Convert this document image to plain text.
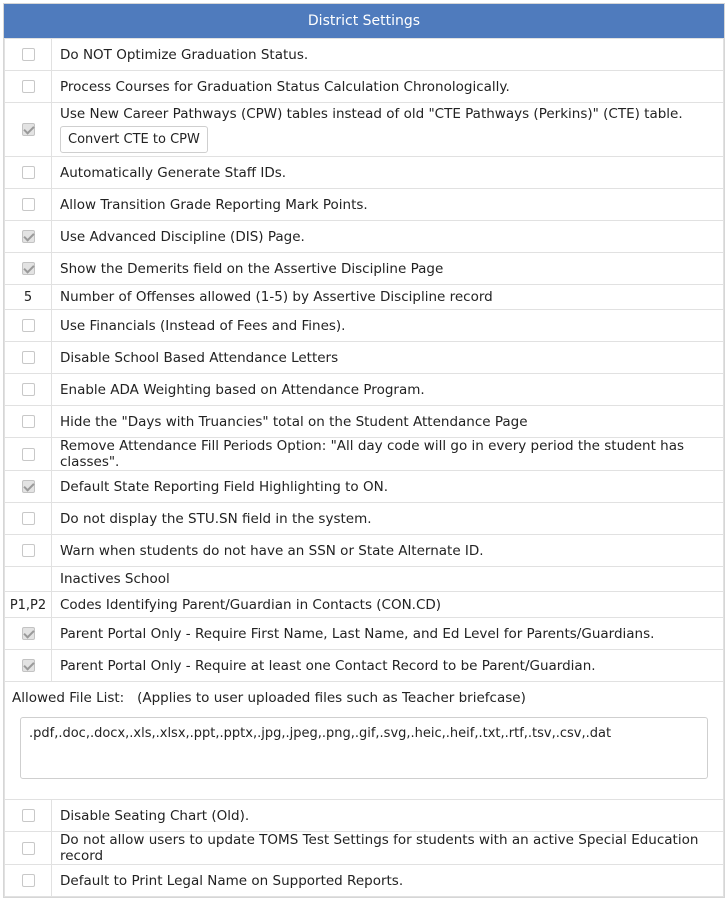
District Settings
	Do NOT Optimize Graduation Status.
	Process Courses for Graduation Status Calculation Chronologically.

	Use New Career Pathways (CPW) tables instead of old "CTE Pathways (Perkins)" (CTE) table.
Convert CTE to CPW
	Automatically Generate Staff IDs.
	Allow Transition Grade Reporting Mark Points.
	Use Advanced Discipline (DIS) Page.
	Show the Demerits field on the Assertive Discipline Page
5	Number of Offenses allowed (1-5) by Assertive Discipline record
	Use Financials (Instead of Fees and Fines).
	Disable School Based Attendance Letters
	Enable ADA Weighting based on Attendance Program.
	Hide the "Days with Truancies" total on the Student Attendance Page
	Remove Attendance Fill Periods Option: "All day code will go in every period the student has classes".
	Default State Reporting Field Highlighting to ON.
	Do not display the STU.SN field in the system.
	Warn when students do not have an SSN or State Alternate ID.
	Inactives School
P1,P2	Codes Identifying Parent/Guardian in Contacts (CON.CD)
	Parent Portal Only - Require First Name, Last Name, and Ed Level for Parents/Guardians.
	Parent Portal Only - Require at least one Contact Record to be Parent/Guardian.

Allowed File List: (Applies to user uploaded files such as Teacher briefcase)
.pdf,.doc,.docx,.xls,.xlsx,.ppt,.pptx,.jpg,.jpeg,.png,.gif,.svg,.heic,.heif,.txt,.rtf,.tsv,.csv,.dat	

	Disable Seating Chart (Old).
	Do not allow users to update TOMS Test Settings for students with an active Special Education record
	Default to Print Legal Name on Supported Reports.
